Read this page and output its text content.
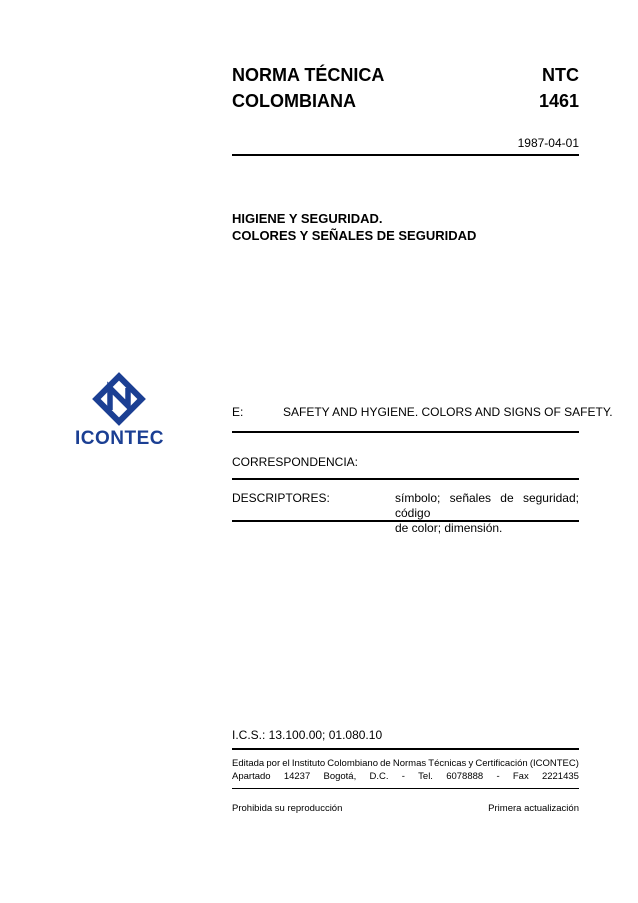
NORMA TÉCNICA
COLOMBIANA
NTC
1461
1987-04-01
HIGIENE Y SEGURIDAD.
COLORES Y SEÑALES DE SEGURIDAD
ICONTEC
E:	SAFETY AND HYGIENE. COLORS AND SIGNS OF SAFETY.
CORRESPONDENCIA:
DESCRIPTORES:	símbolo; señales de seguridad; código
de color; dimensión.
I.C.S.: 13.100.00; 01.080.10
Editada por el Instituto Colombiano de Normas Técnicas y Certificación (ICONTEC)
Apartado 14237 Bogotá, D.C. - Tel. 6078888 - Fax 2221435
Prohibida su reproducción	Primera actualización
